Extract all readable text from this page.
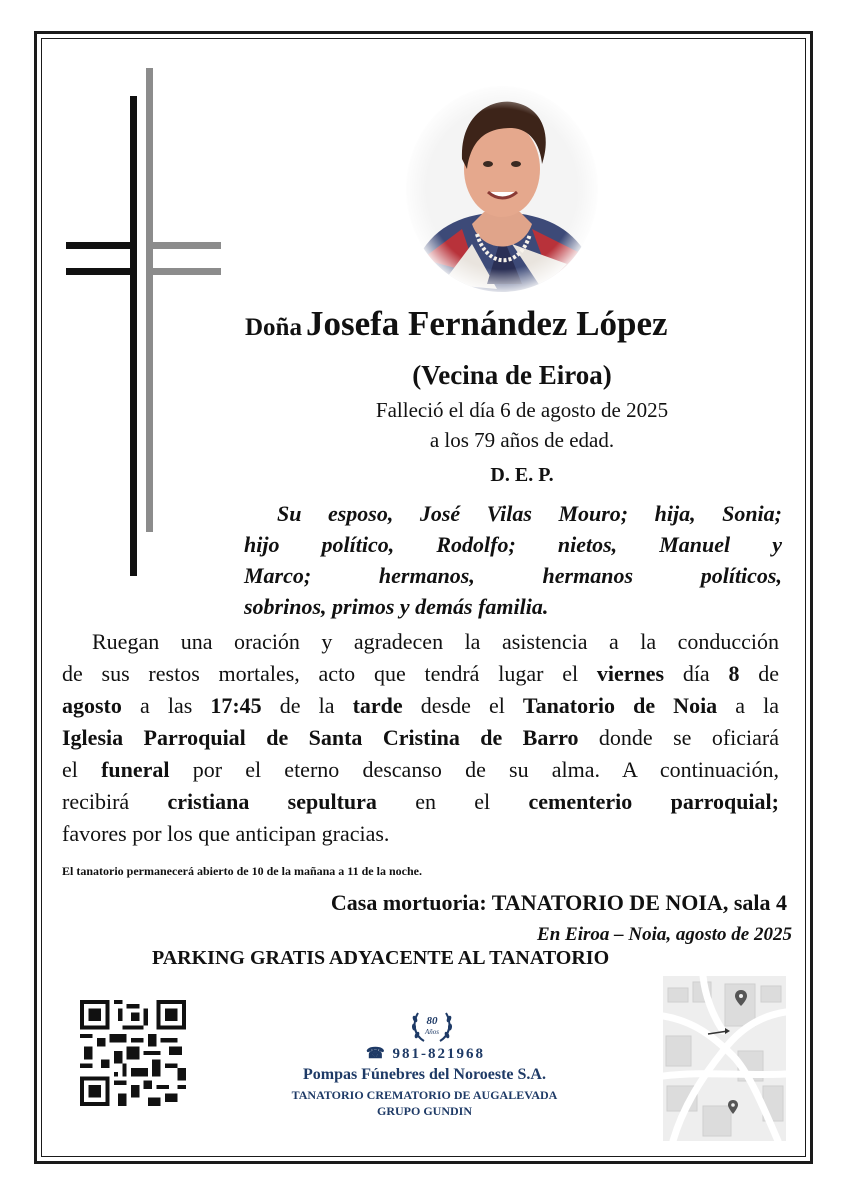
Doña Josefa Fernández López
(Vecina de Eiroa)
Falleció el día 6 de agosto de 2025
a los 79 años de edad.
D. E. P.
Su esposo, José Vilas Mouro; hija, Sonia;
hijo político, Rodolfo; nietos, Manuel y
Marco; hermanos, hermanos políticos,
sobrinos, primos y demás familia.
Ruegan una oración y agradecen la asistencia a la conducción
de sus restos mortales, acto que tendrá lugar el viernes día 8 de
agosto a las 17:45 de la tarde desde el Tanatorio de Noia a la
Iglesia Parroquial de Santa Cristina de Barro donde se oficiará
el funeral por el eterno descanso de su alma. A continuación,
recibirá cristiana sepultura en el cementerio parroquial;
favores por los que anticipan gracias.
El tanatorio permanecerá abierto de 10 de la mañana a 11 de la noche.
Casa mortuoria: TANATORIO DE NOIA, sala 4
En Eiroa – Noia, agosto de 2025
PARKING GRATIS ADYACENTE AL TANATORIO
80
Años
☎ 981-821968
Pompas Fúnebres del Noroeste S.A.
TANATORIO CREMATORIO DE AUGALEVADA
GRUPO GUNDIN
